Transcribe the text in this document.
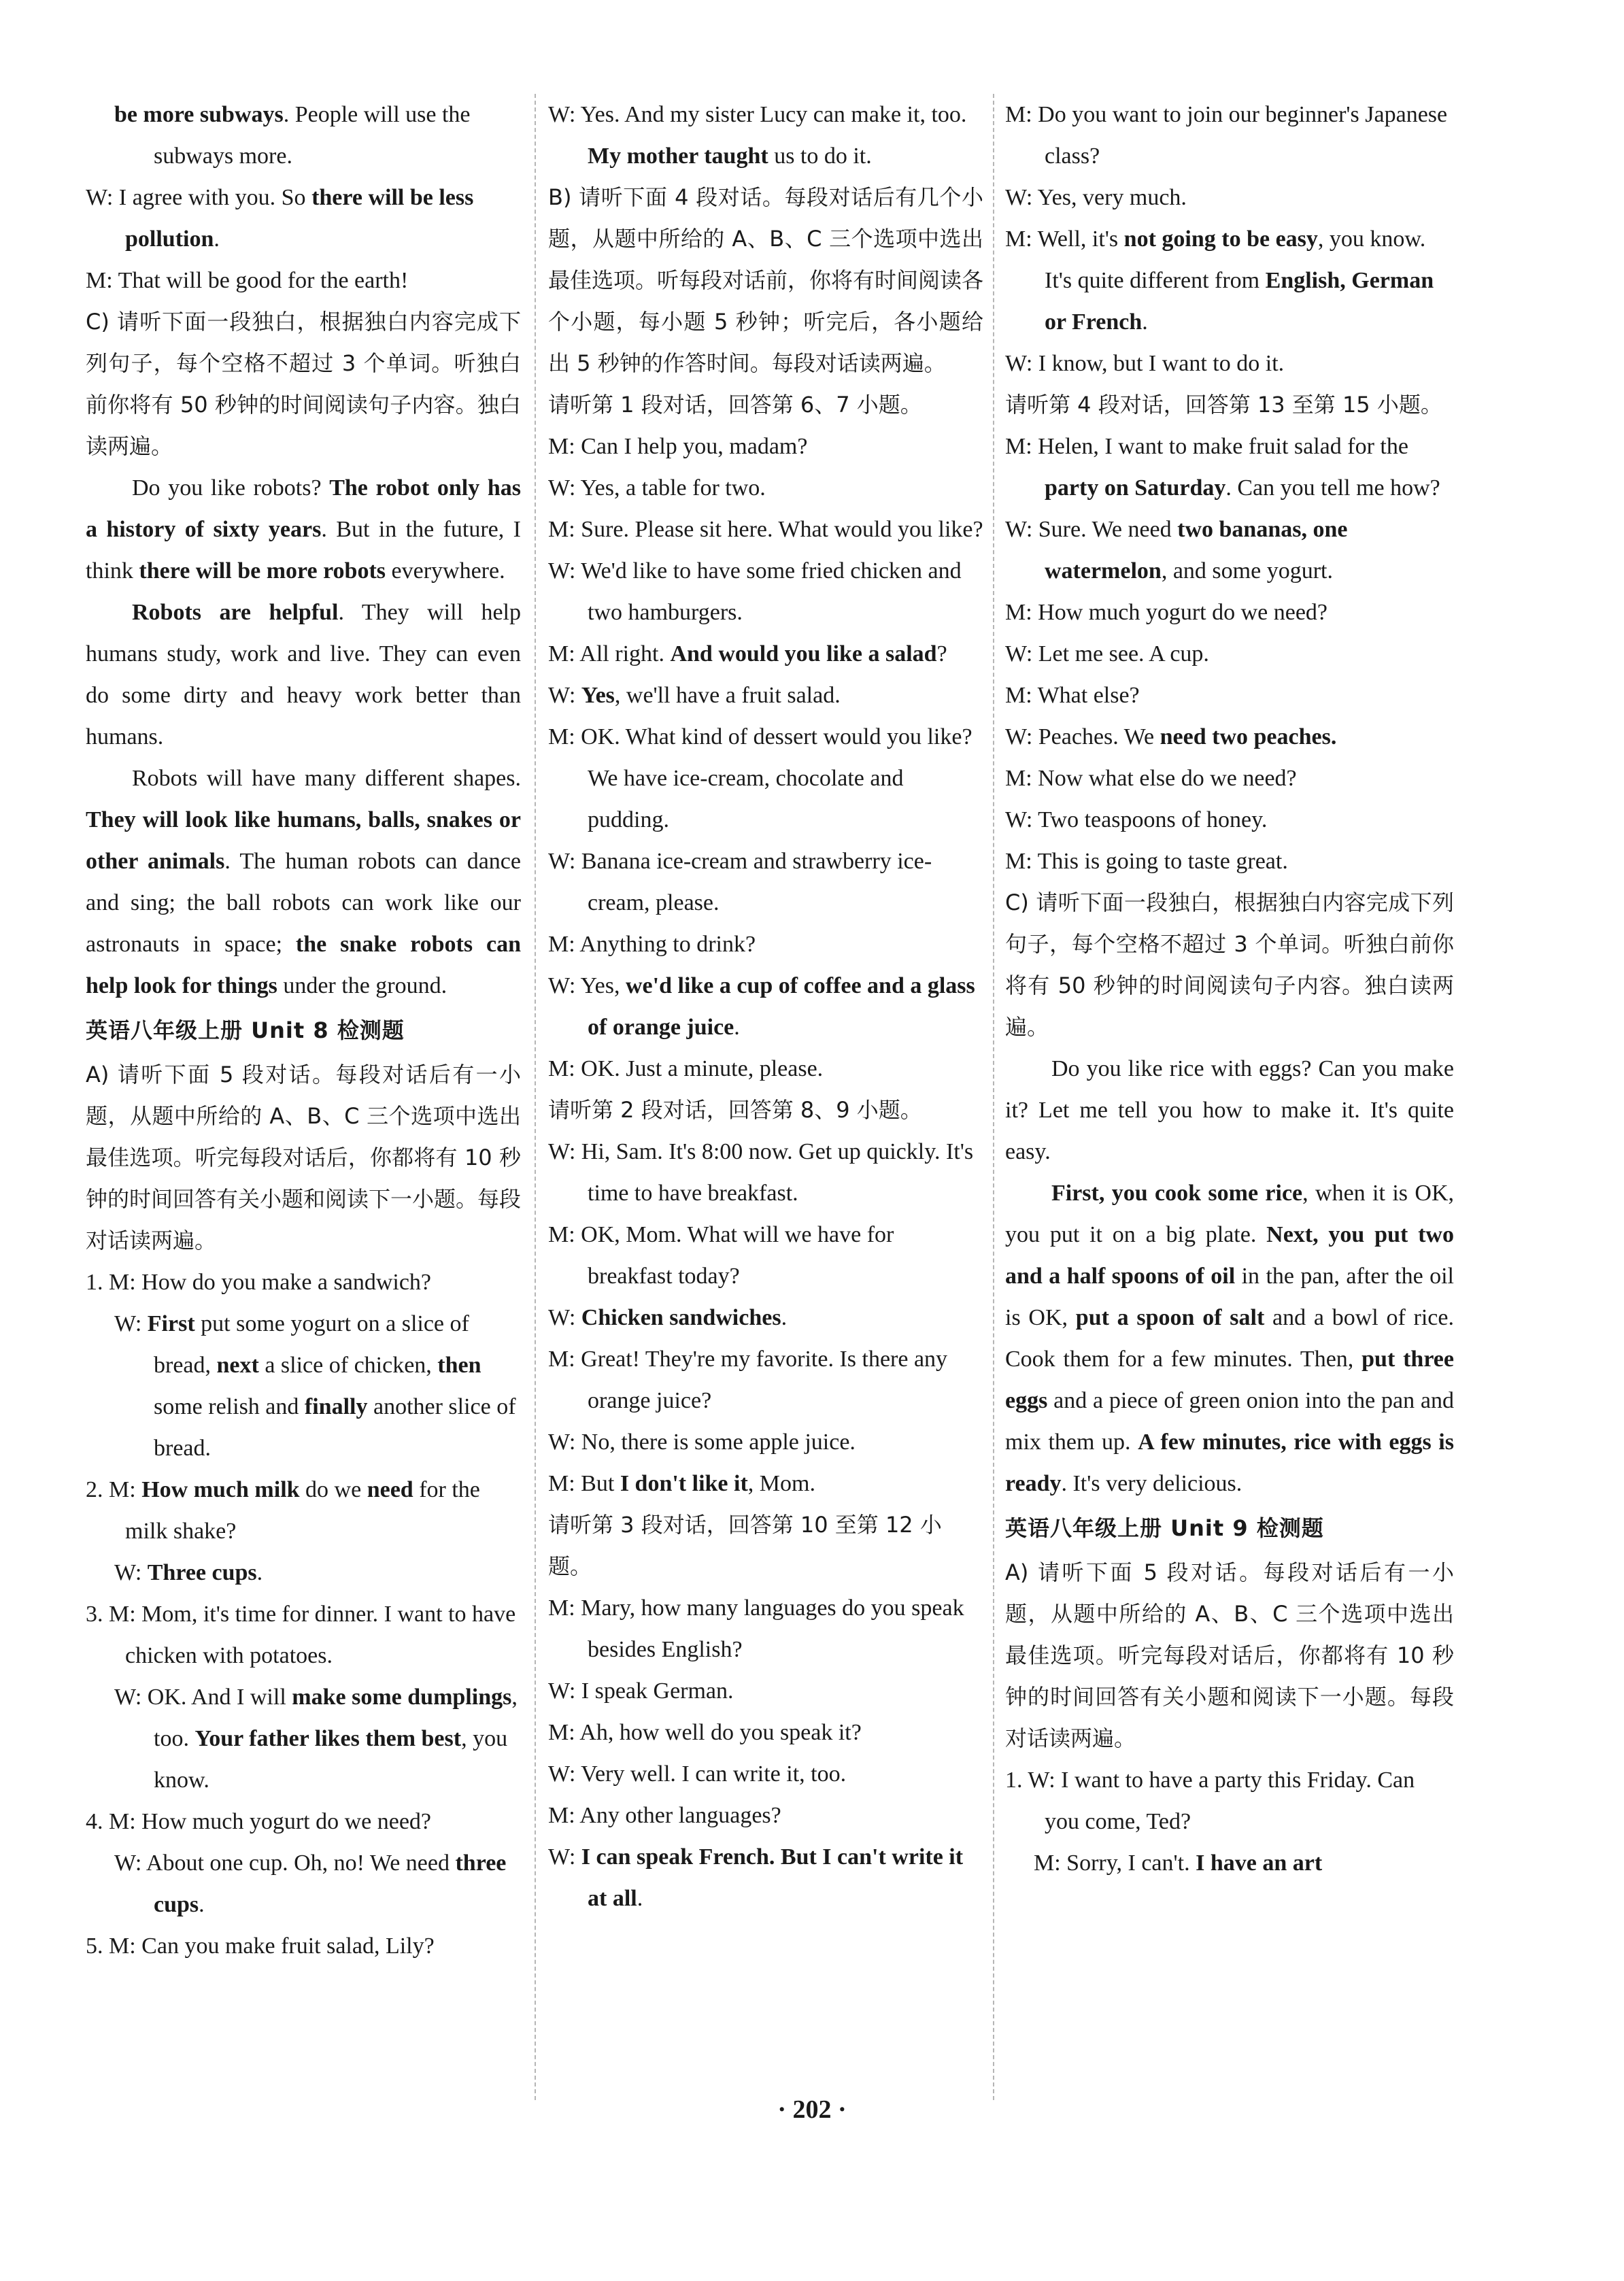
be more subways. People will use the subways more.

W: I agree with you. So there will be less pollution.

M: That will be good for the earth!

C) 请听下面一段独白，根据独白内容完成下列句子，每个空格不超过 3 个单词。听独白前你将有 50 秒钟的时间阅读句子内容。独白读两遍。

Do you like robots? The robot only has a history of sixty years. But in the future, I think there will be more robots everywhere.

Robots are helpful. They will help humans study, work and live. They can even do some dirty and heavy work better than humans.

Robots will have many different shapes. They will look like humans, balls, snakes or other animals. The human robots can dance and sing; the ball robots can work like our astronauts in space; the snake robots can help look for things under the ground.

英语八年级上册 Unit 8 检测题

A) 请听下面 5 段对话。每段对话后有一小题，从题中所给的 A、B、C 三个选项中选出最佳选项。听完每段对话后，你都将有 10 秒钟的时间回答有关小题和阅读下一小题。每段对话读两遍。

1. M: How do you make a sandwich?

W: First put some yogurt on a slice of bread, next a slice of chicken, then some relish and finally another slice of bread.

2. M: How much milk do we need for the milk shake?

W: Three cups.

3. M: Mom, it's time for dinner. I want to have chicken with potatoes.

W: OK. And I will make some dumplings, too. Your father likes them best, you know.

4. M: How much yogurt do we need?

W: About one cup. Oh, no! We need three cups.

5. M: Can you make fruit salad, Lily?

W: Yes. And my sister Lucy can make it, too. My mother taught us to do it.

B) 请听下面 4 段对话。每段对话后有几个小题，从题中所给的 A、B、C 三个选项中选出最佳选项。听每段对话前，你将有时间阅读各个小题，每小题 5 秒钟；听完后，各小题给出 5 秒钟的作答时间。每段对话读两遍。

请听第 1 段对话，回答第 6、7 小题。

M: Can I help you, madam?

W: Yes, a table for two.

M: Sure. Please sit here. What would you like?

W: We'd like to have some fried chicken and two hamburgers.

M: All right. And would you like a salad?

W: Yes, we'll have a fruit salad.

M: OK. What kind of dessert would you like? We have ice-cream, chocolate and pudding.

W: Banana ice-cream and strawberry ice-cream, please.

M: Anything to drink?

W: Yes, we'd like a cup of coffee and a glass of orange juice.

M: OK. Just a minute, please.

请听第 2 段对话，回答第 8、9 小题。

W: Hi, Sam. It's 8:00 now. Get up quickly. It's time to have breakfast.

M: OK, Mom. What will we have for breakfast today?

W: Chicken sandwiches.

M: Great! They're my favorite. Is there any orange juice?

W: No, there is some apple juice.

M: But I don't like it, Mom.

请听第 3 段对话，回答第 10 至第 12 小题。

M: Mary, how many languages do you speak besides English?

W: I speak German.

M: Ah, how well do you speak it?

W: Very well. I can write it, too.

M: Any other languages?

W: I can speak French. But I can't write it at all.

M: Do you want to join our beginner's Japanese class?

W: Yes, very much.

M: Well, it's not going to be easy, you know. It's quite different from English, German or French.

W: I know, but I want to do it.

请听第 4 段对话，回答第 13 至第 15 小题。

M: Helen, I want to make fruit salad for the party on Saturday. Can you tell me how?

W: Sure. We need two bananas, one watermelon, and some yogurt.

M: How much yogurt do we need?

W: Let me see. A cup.

M: What else?

W: Peaches. We need two peaches.

M: Now what else do we need?

W: Two teaspoons of honey.

M: This is going to taste great.

C) 请听下面一段独白，根据独白内容完成下列句子，每个空格不超过 3 个单词。听独白前你将有 50 秒钟的时间阅读句子内容。独白读两遍。

Do you like rice with eggs? Can you make it? Let me tell you how to make it. It's quite easy.

First, you cook some rice, when it is OK, you put it on a big plate. Next, you put two and a half spoons of oil in the pan, after the oil is OK, put a spoon of salt and a bowl of rice. Cook them for a few minutes. Then, put three eggs and a piece of green onion into the pan and mix them up. A few minutes, rice with eggs is ready. It's very delicious.

英语八年级上册 Unit 9 检测题

A) 请听下面 5 段对话。每段对话后有一小题，从题中所给的 A、B、C 三个选项中选出最佳选项。听完每段对话后，你都将有 10 秒钟的时间回答有关小题和阅读下一小题。每段对话读两遍。

1. W: I want to have a party this Friday. Can you come, Ted?

M: Sorry, I can't. I have an art

· 202 ·
